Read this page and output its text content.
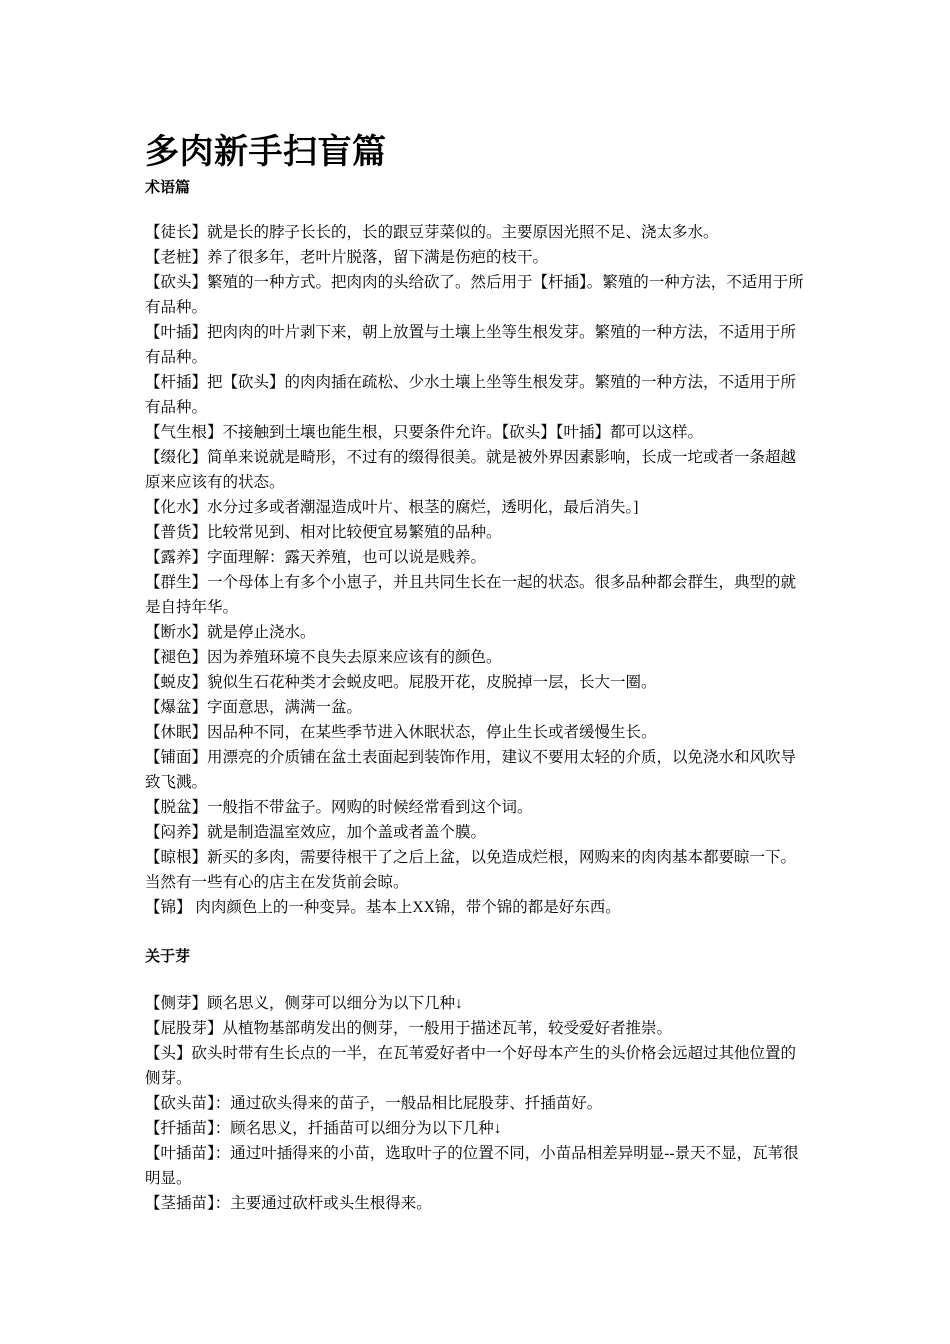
多肉新手扫盲篇
术语篇

【徒长】就是长的脖子长长的，长的跟豆芽菜似的。主要原因光照不足、浇太多水。

【老桩】养了很多年，老叶片脱落，留下满是伤疤的枝干。

【砍头】繁殖的一种方式。把肉肉的头给砍了。然后用于【杆插】。繁殖的一种方法，不适用于所有品种。

【叶插】把肉肉的叶片剥下来，朝上放置与土壤上坐等生根发芽。繁殖的一种方法，不适用于所有品种。

【杆插】把【砍头】的肉肉插在疏松、少水土壤上坐等生根发芽。繁殖的一种方法，不适用于所有品种。

【气生根】不接触到土壤也能生根，只要条件允许。【砍头】【叶插】都可以这样。

【缀化】简单来说就是畸形，不过有的缀得很美。就是被外界因素影响，长成一坨或者一条超越原来应该有的状态。

【化水】水分过多或者潮湿造成叶片、根茎的腐烂，透明化，最后消失。]

【普货】比较常见到、相对比较便宜易繁殖的品种。

【露养】字面理解：露天养殖，也可以说是贱养。

【群生】一个母体上有多个小崽子，并且共同生长在一起的状态。很多品种都会群生，典型的就是自持年华。

【断水】就是停止浇水。

【褪色】因为养殖环境不良失去原来应该有的颜色。

【蜕皮】貌似生石花种类才会蜕皮吧。屁股开花，皮脱掉一层，长大一圈。

【爆盆】字面意思，满满一盆。

【休眠】因品种不同，在某些季节进入休眠状态，停止生长或者缓慢生长。

【铺面】用漂亮的介质铺在盆土表面起到装饰作用，建议不要用太轻的介质，以免浇水和风吹导致飞溅。

【脱盆】一般指不带盆子。网购的时候经常看到这个词。

【闷养】就是制造温室效应，加个盖或者盖个膜。

【晾根】新买的多肉，需要待根干了之后上盆，以免造成烂根，网购来的肉肉基本都要晾一下。当然有一些有心的店主在发货前会晾。

【锦】 肉肉颜色上的一种变异。基本上XX锦，带个锦的都是好东西。

关于芽

【侧芽】顾名思义，侧芽可以细分为以下几种↓

【屁股芽】从植物基部萌发出的侧芽，一般用于描述瓦苇，较受爱好者推崇。

【头】砍头时带有生长点的一半，在瓦苇爱好者中一个好母本产生的头价格会远超过其他位置的侧芽。

【砍头苗】：通过砍头得来的苗子，一般品相比屁股芽、扦插苗好。

【扦插苗】：顾名思义，扦插苗可以细分为以下几种↓

【叶插苗】：通过叶插得来的小苗，选取叶子的位置不同，小苗品相差异明显--景天不显，瓦苇很明显。

【茎插苗】：主要通过砍杆或头生根得来。
